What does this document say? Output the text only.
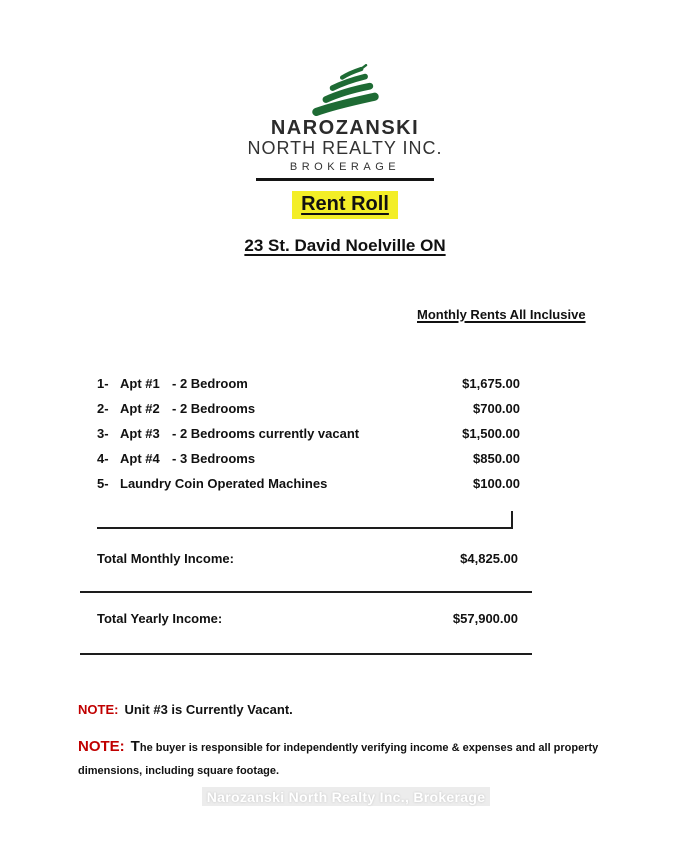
NAROZANSKI
NORTH REALTY INC.
BROKERAGE
Rent Roll
23 St. David Noelville ON
Monthly Rents All Inclusive
1- Apt #1 - 2 Bedroom	$1,675.00
2- Apt #2 - 2 Bedrooms	$700.00
3- Apt #3 - 2 Bedrooms currently vacant	$1,500.00
4- Apt #4 - 3 Bedrooms	$850.00
5- Laundry Coin Operated Machines	$100.00
Total Monthly Income:	$4,825.00
Total Yearly Income:	$57,900.00
NOTE: Unit #3 is Currently Vacant.
NOTE: The buyer is responsible for independently verifying income & expenses and all property
dimensions, including square footage.
Narozanski North Realty Inc., Brokerage
